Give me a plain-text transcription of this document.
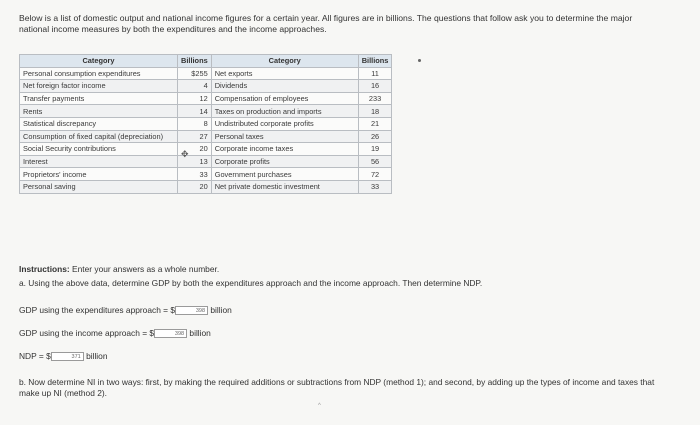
Below is a list of domestic output and national income figures for a certain year. All figures are in billions. The questions that follow ask you to determine the major national income measures by both the expenditures and the income approaches.
Category	Billions	Category	Billions
Personal consumption expenditures	$255	Net exports	11
Net foreign factor income	4	Dividends	16
Transfer payments	12	Compensation of employees	233
Rents	14	Taxes on production and imports	18
Statistical discrepancy	8	Undistributed corporate profits	21
Consumption of fixed capital (depreciation)	27	Personal taxes	26
Social Security contributions	20	Corporate income taxes	19
Interest	13	Corporate profits	56
Proprietors' income	33	Government purchases	72
Personal saving	20	Net private domestic investment	33
✥
Instructions: Enter your answers as a whole number.
a. Using the above data, determine GDP by both the expenditures approach and the income approach. Then determine NDP.
GDP using the expenditures approach = $	398 billion
GDP using the income approach = $	398 billion
NDP = $	371 billion
b. Now determine NI in two ways: first, by making the required additions or subtractions from NDP (method 1); and second, by adding up the types of income and taxes that make up NI (method 2).
^
